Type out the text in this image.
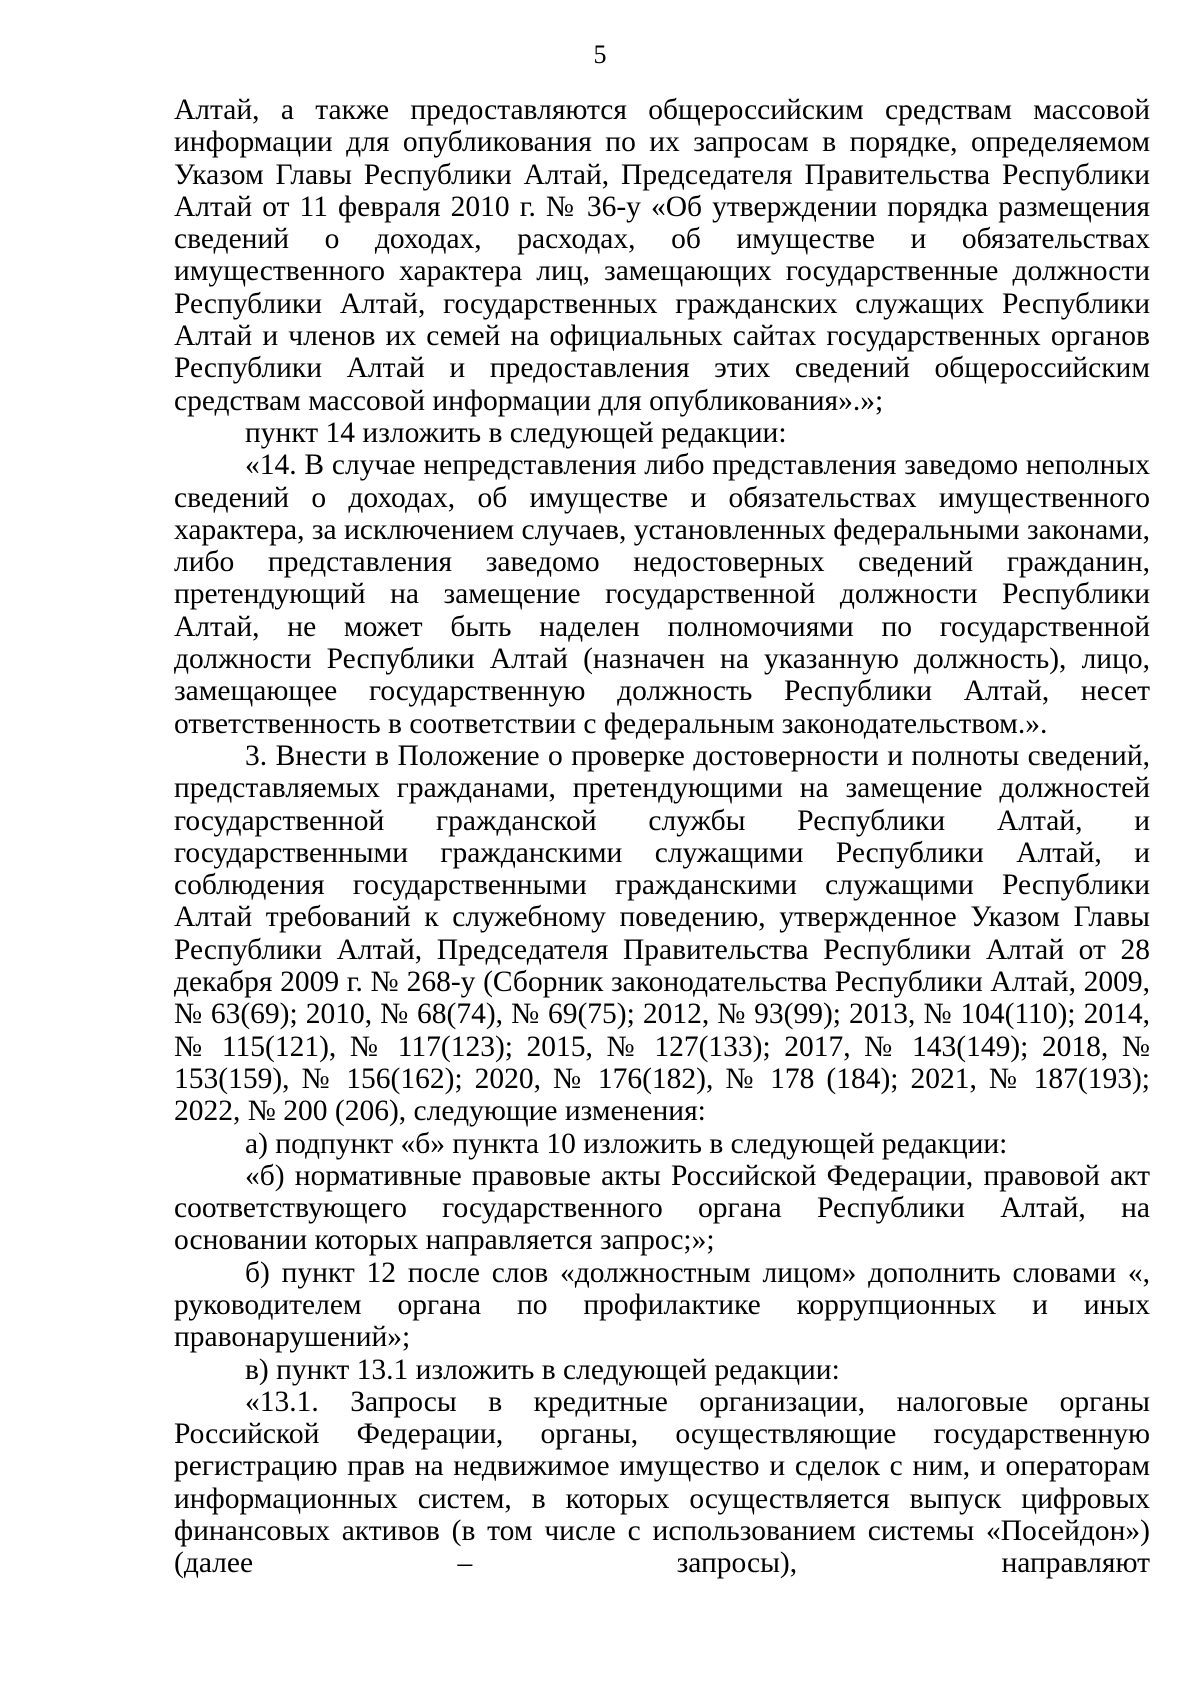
5

Алтай, а также предоставляются общероссийским средствам массовой информации для опубликования по их запросам в порядке, определяемом Указом Главы Республики Алтай, Председателя Правительства Республики Алтай от 11 февраля 2010 г. № 36-у «Об утверждении порядка размещения сведений о доходах, расходах, об имуществе и обязательствах имущественного характера лиц, замещающих государственные должности Республики Алтай, государственных гражданских служащих Республики Алтай и членов их семей на официальных сайтах государственных органов Республики Алтай и предоставления этих сведений общероссийским средствам массовой информации для опубликования».»;

пункт 14 изложить в следующей редакции:

«14. В случае непредставления либо представления заведомо неполных сведений о доходах, об имуществе и обязательствах имущественного характера, за исключением случаев, установленных федеральными законами, либо представления заведомо недостоверных сведений гражданин, претендующий на замещение государственной должности Республики Алтай, не может быть наделен полномочиями по государственной должности Республики Алтай (назначен на указанную должность), лицо, замещающее государственную должность Республики Алтай, несет ответственность в соответствии с федеральным законодательством.».

3. Внести в Положение о проверке достоверности и полноты сведений, представляемых гражданами, претендующими на замещение должностей государственной гражданской службы Республики Алтай, и государственными гражданскими служащими Республики Алтай, и соблюдения государственными гражданскими служащими Республики Алтай требований к служебному поведению, утвержденное Указом Главы Республики Алтай, Председателя Правительства Республики Алтай от 28 декабря 2009 г. № 268-у (Сборник законодательства Республики Алтай, 2009, № 63(69); 2010, № 68(74), № 69(75); 2012, № 93(99); 2013, № 104(110); 2014, № 115(121), № 117(123); 2015, № 127(133); 2017, № 143(149); 2018, № 153(159), № 156(162); 2020, № 176(182), № 178 (184); 2021, № 187(193); 2022, № 200 (206), следующие изменения:

а) подпункт «б» пункта 10 изложить в следующей редакции:

«б) нормативные правовые акты Российской Федерации, правовой акт соответствующего государственного органа Республики Алтай, на основании которых направляется запрос;»;

б) пункт 12 после слов «должностным лицом» дополнить словами «, руководителем органа по профилактике коррупционных и иных правонарушений»;

в) пункт 13.1 изложить в следующей редакции:

«13.1. Запросы в кредитные организации, налоговые органы Российской Федерации, органы, осуществляющие государственную регистрацию прав на недвижимое имущество и сделок с ним, и операторам информационных систем, в которых осуществляется выпуск цифровых финансовых активов (в том числе с использованием системы «Посейдон») (далее – запросы), направляют
